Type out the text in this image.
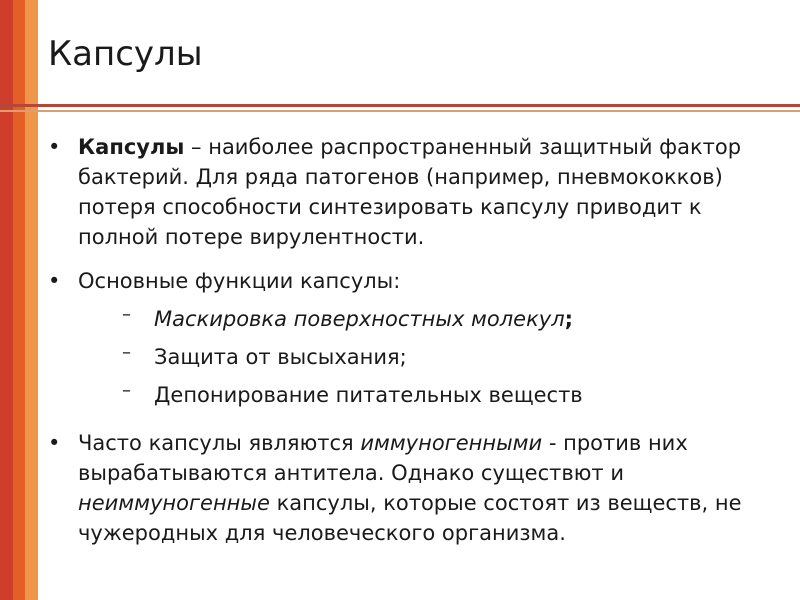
Капсулы

• Капсулы – наиболее распространенный защитный фактор бактерий. Для ряда патогенов (например, пневмококков) потеря способности синтезировать капсулу приводит к полной потере вирулентности.

• Основные функции капсулы:
– Маскировка поверхностных молекул;
– Защита от высыхания;
– Депонирование питательных веществ

• Часто капсулы являются иммуногенными - против них вырабатываются антитела. Однако существют и неиммуногенные капсулы, которые состоят из веществ, не чужеродных для человеческого организма.
